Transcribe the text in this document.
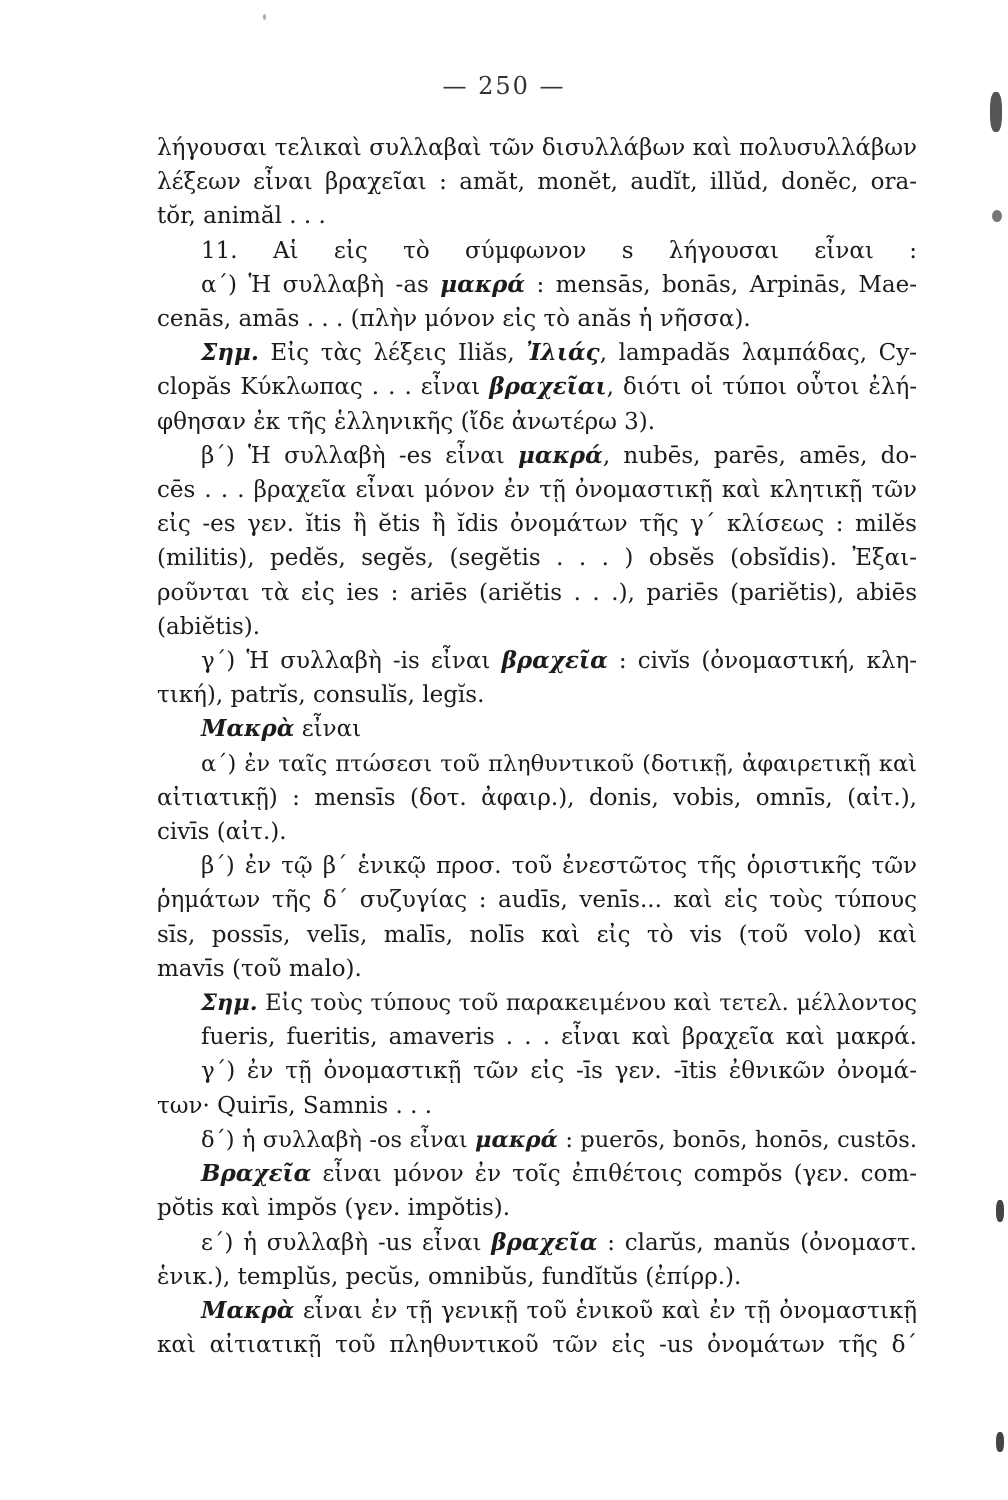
— 250 —
λήγουσαι τελικαὶ συλλαβαὶ τῶν δισυλλάβων καὶ πολυσυλλάβων
λέξεων εἶναι βραχεῖαι : amăt, monĕt, audĭt, illŭd, donĕc, ora-
tŏr, animăl . . .
11. Αἱ εἰς τὸ σύμφωνον s λήγουσαι εἶναι :
α´) Ἡ συλλαβὴ -as μακρά : mensās, bonās, Arpinās, Mae-
cenās, amās . . . (πλὴν μόνον εἰς τὸ anăs ἡ νῆσσα).
Σημ. Εἰς τὰς λέξεις Iliăs, Ἰλιάς, lampadăs λαμπάδας, Cy-
clopăs Κύκλωπας . . . εἶναι βραχεῖαι, διότι οἱ τύποι οὗτοι ἐλή-
φθησαν ἐκ τῆς ἑλληνικῆς (ἴδε ἀνωτέρω 3).
β´) Ἡ συλλαβὴ -es εἶναι μακρά, nubēs, parēs, amēs, do-
cēs . . . βραχεῖα εἶναι μόνον ἐν τῇ ὀνομαστικῇ καὶ κλητικῇ τῶν
εἰς -es γεν. ĭtis ἢ ĕtis ἢ ĭdis ὀνομάτων τῆς γ´ κλίσεως : milĕs
(militis), pedĕs, segĕs, (segĕtis . . . ) obsĕs (obsĭdis). Ἐξαι-
ροῦνται τὰ εἰς ies : ariēs (ariĕtis . . .), pariēs (pariĕtis), abiēs
(abiĕtis).
γ´) Ἡ συλλαβὴ -is εἶναι βραχεῖα : civĭs (ὀνομαστική, κλη-
τική), patrĭs, consulĭs, legĭs.
Μακρὰ εἶναι
α´) ἐν ταῖς πτώσεσι τοῦ πληθυντικοῦ (δοτικῇ, ἀφαιρετικῇ καὶ
αἰτιατικῇ) : mensīs (δοτ. ἀφαιρ.), donis, vobis, omnīs, (αἰτ.),
civīs (αἰτ.).
β´) ἐν τῷ β´ ἑνικῷ προσ. τοῦ ἐνεστῶτος τῆς ὁριστικῆς τῶν
ῥημάτων τῆς δ´ συζυγίας : audīs, venīs... καὶ εἰς τοὺς τύπους
sīs, possīs, velīs, malīs, nolīs καὶ εἰς τὸ vis (τοῦ volo) καὶ
mavīs (τοῦ malo).
Σημ. Εἰς τοὺς τύπους τοῦ παρακειμένου καὶ τετελ. μέλλοντος
fueris, fueritis, amaveris . . . εἶναι καὶ βραχεῖα καὶ μακρά.
γ´) ἐν τῇ ὀνομαστικῇ τῶν εἰς -īs γεν. -ītis ἐθνικῶν ὀνομά-
των· Quirīs, Samnis . . .
δ´) ἡ συλλαβὴ -os εἶναι μακρά : puerōs, bonōs, honōs, custōs.
Βραχεῖα εἶναι μόνον ἐν τοῖς ἐπιθέτοις compŏs (γεν. com-
pŏtis καὶ impŏs (γεν. impŏtis).
ε´) ἡ συλλαβὴ -us εἶναι βραχεῖα : clarŭs, manŭs (ὀνομαστ.
ἑνικ.), templŭs, pecŭs, omnibŭs, fundĭtŭs (ἐπίρρ.).
Μακρὰ εἶναι ἐν τῇ γενικῇ τοῦ ἑνικοῦ καὶ ἐν τῇ ὀνομαστικῇ
καὶ αἰτιατικῇ τοῦ πληθυντικοῦ τῶν εἰς -us ὀνομάτων τῆς δ´
